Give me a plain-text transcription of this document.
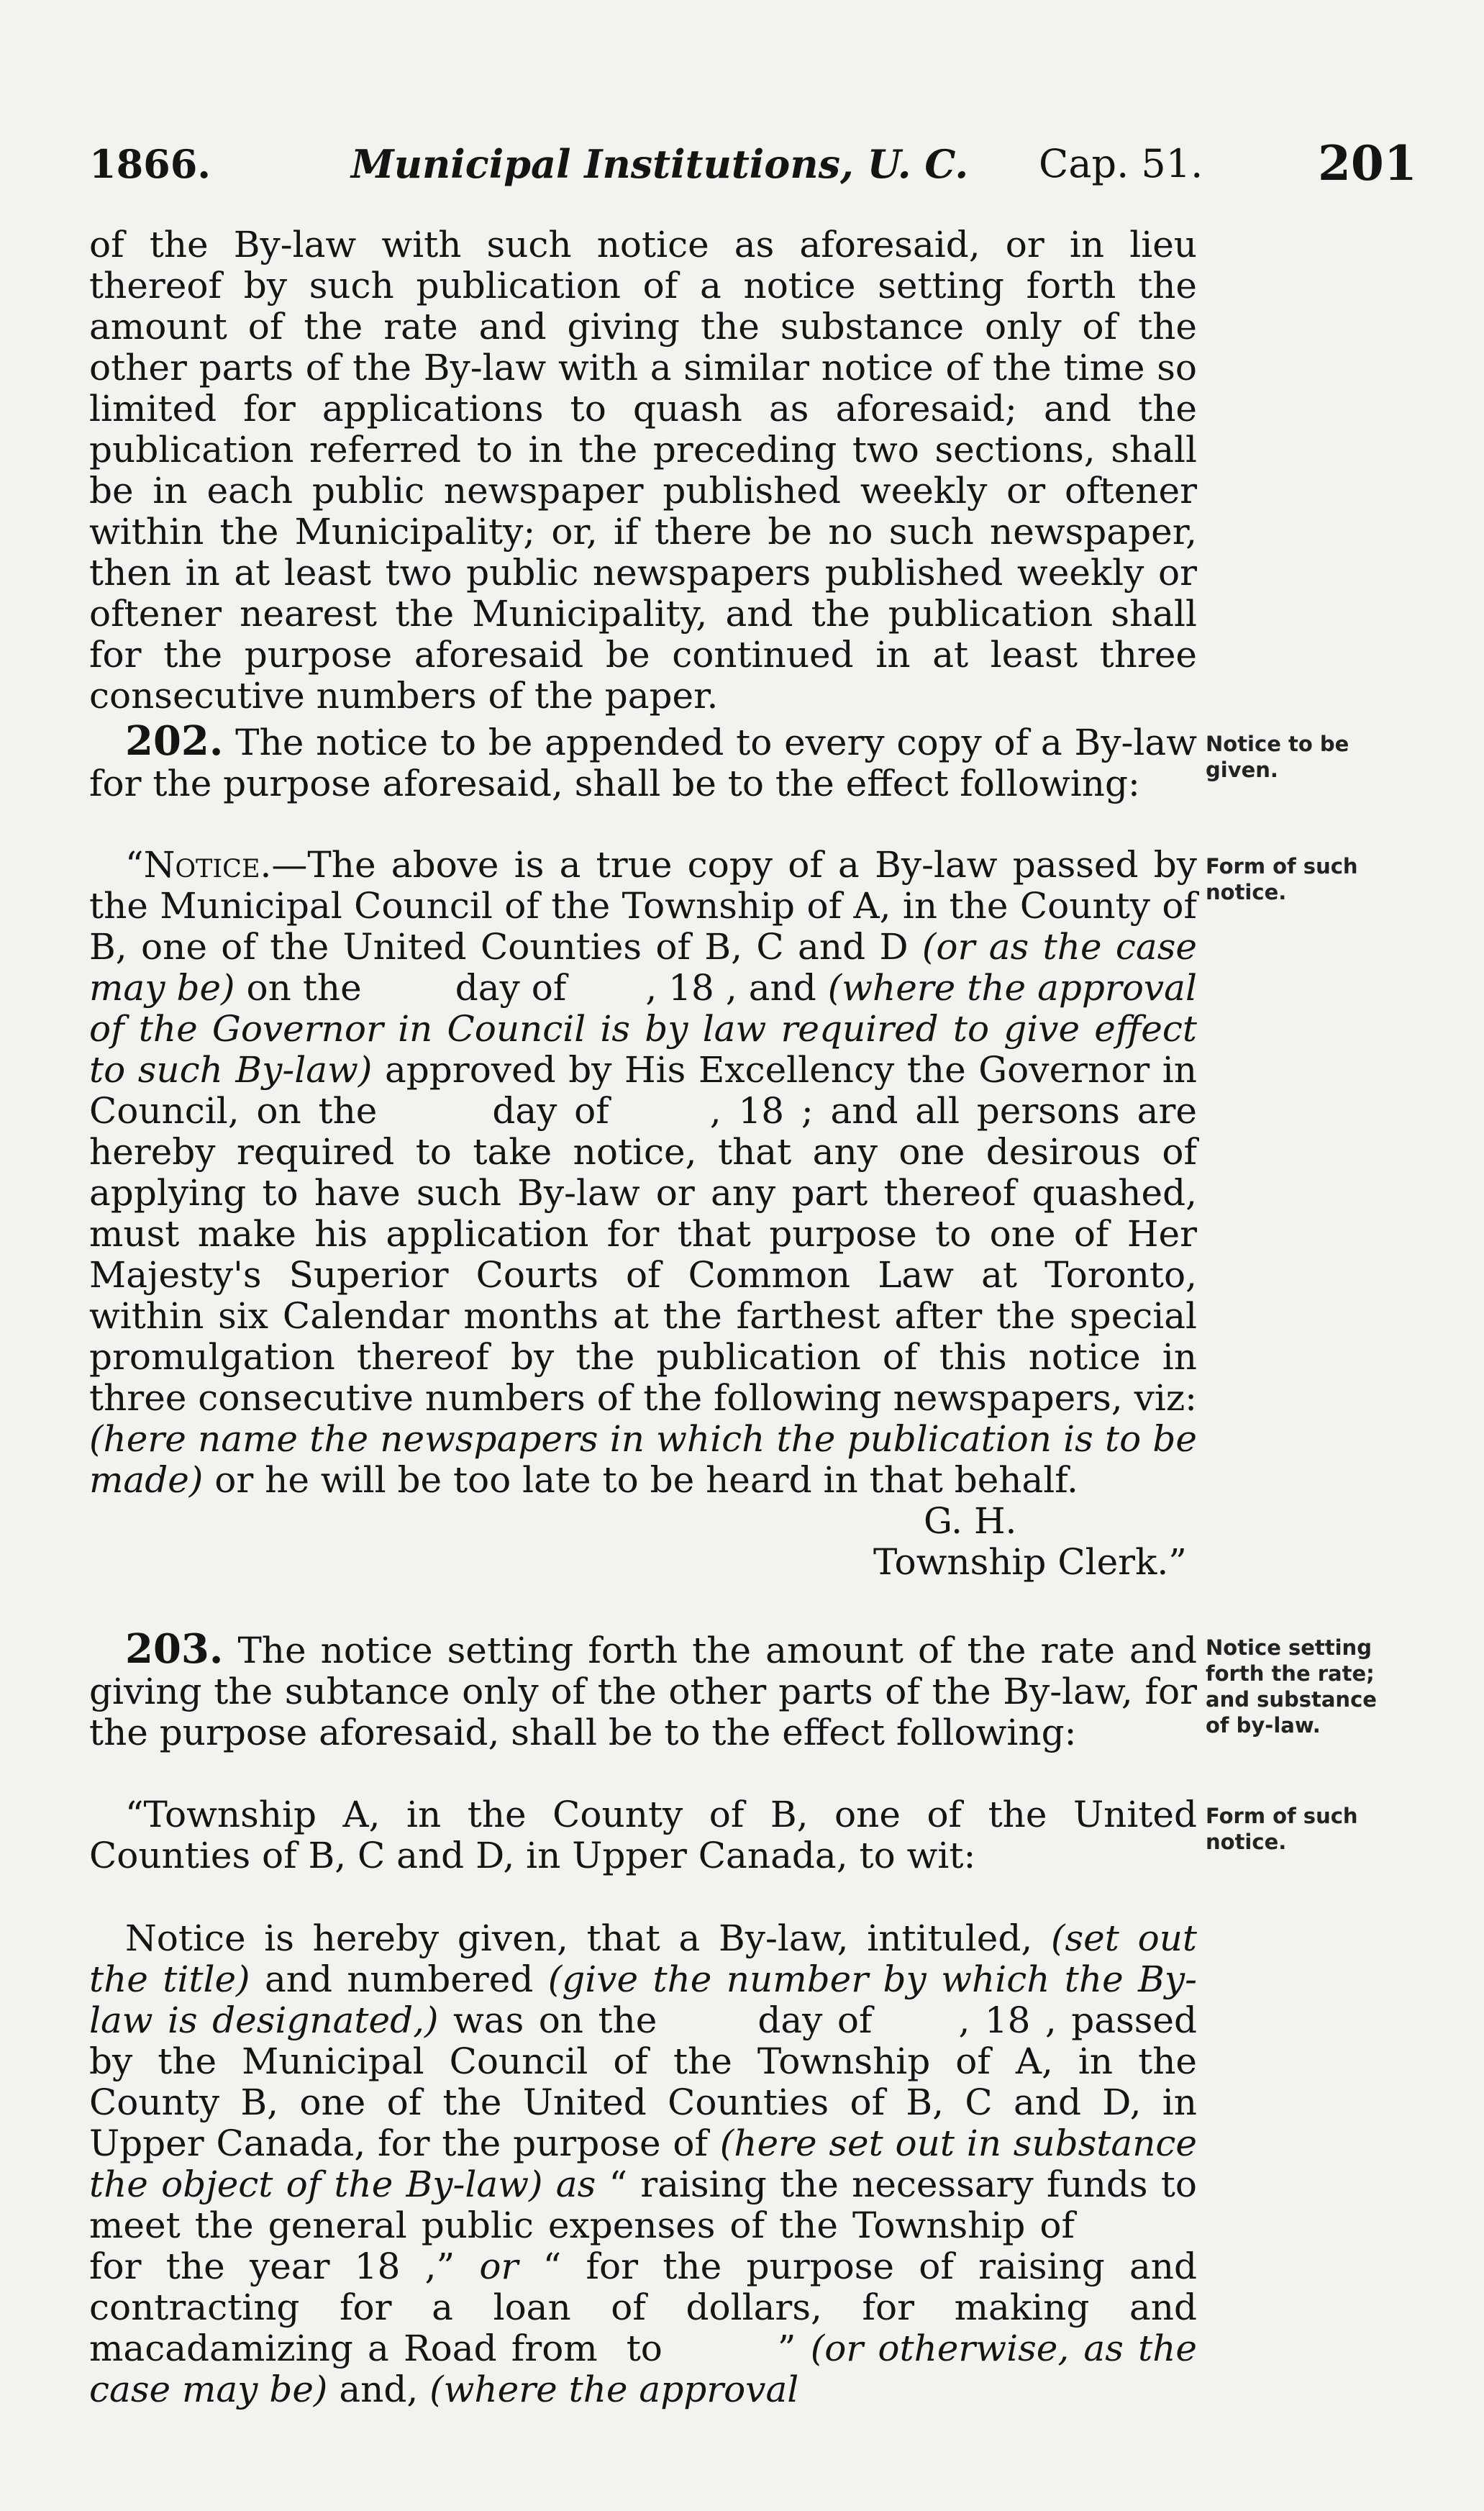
1866.	Municipal Institutions, U. C. Cap. 51. 201

of the By-law with such notice as aforesaid, or in lieu thereof by such publication of a notice setting forth the amount of the rate and giving the substance only of the other parts of the By-law with a similar notice of the time so limited for applications to quash as aforesaid; and the publication referred to in the preceding two sections, shall be in each public newspaper published weekly or oftener within the Municipality; or, if there be no such newspaper, then in at least two public newspapers published weekly or oftener nearest the Municipality, and the publication shall for the purpose aforesaid be continued in at least three consecutive numbers of the paper.

202. The notice to be appended to every copy of a By-law for the purpose aforesaid, shall be to the effect following:

Notice to be given.

“Notice.—The above is a true copy of a By-law passed by the Municipal Council of the Township of A, in the County of B, one of the United Counties of B, C and D (or as the case may be) on the	day of , 18 , and (where the approval of the Governor in Council is by law required to give effect to such By-law) approved by His Excellency the Governor in Council, on the	day of	, 18 ; and all persons are hereby required to take notice, that any one desirous of applying to have such By-law or any part thereof quashed, must make his application for that purpose to one of Her Majesty's Superior Courts of Common Law at Toronto, within six Calendar months at the farthest after the special promulgation thereof by the publication of this notice in three consecutive numbers of the following newspapers, viz: (here name the newspapers in which the publication is to be made) or he will be too late to be heard in that behalf.

G. H.

Township Clerk.”

Form of such notice.

203. The notice setting forth the amount of the rate and giving the subtance only of the other parts of the By-law, for the purpose aforesaid, shall be to the effect following:

Notice setting forth the rate; and substance of by-law.

“Township A, in the County of B, one of the United Counties of B, C and D, in Upper Canada, to wit:

Form of such notice.

Notice is hereby given, that a By-law, intituled, (set out the title) and numbered (give the number by which the By-law is designated,) was on the	day of , 18 , passed by the Municipal Council of the Township of A, in the County B, one of the United Counties of B, C and D, in Upper Canada, for the purpose of (here set out in substance the object of the By-law) as “ raising the necessary funds to meet the general public expenses of the Township offor the year 18 ,” or “ for the purpose of raising and contracting for a loan of dollars, for making and macadamizing a Road from to	” (or otherwise, as the case may be) and, (where the approval
